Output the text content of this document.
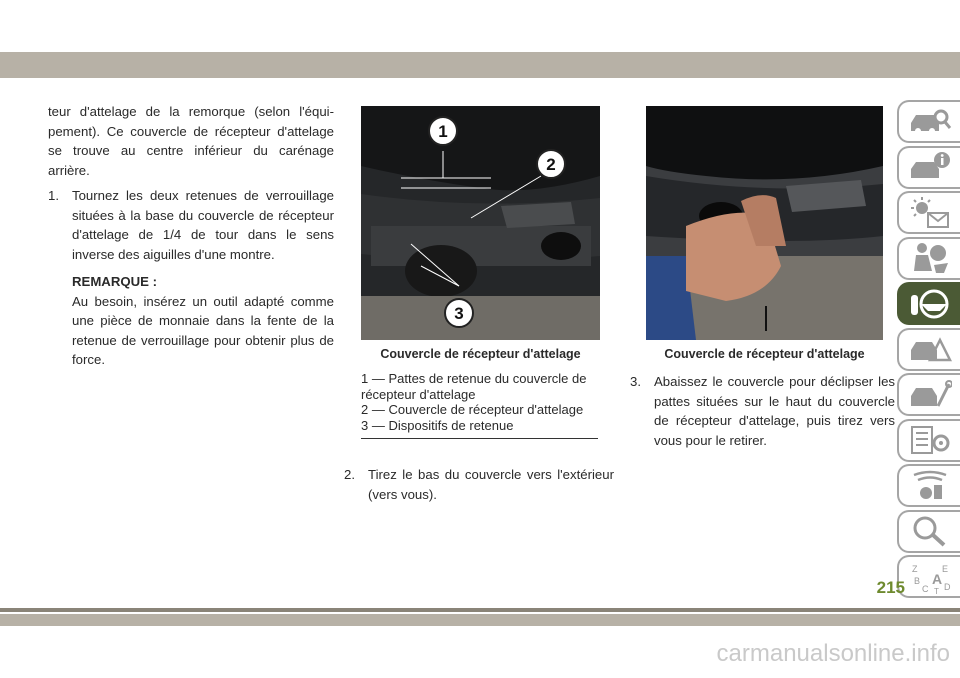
teur d'attelage de la remorque (selon l'équipement). Ce couvercle de récepteur d'attelage se trouve au centre inférieur du carénage arrière.

1. Tournez les deux retenues de verrouillage situées à la base du couvercle de récepteur d'attelage de 1/4 de tour dans le sens inverse des aiguilles d'une montre.
REMARQUE :

Au besoin, insérez un outil adapté comme une pièce de monnaie dans la fente de la retenue de verrouillage pour obtenir plus de force.

1
2
3
Couvercle de récepteur d'attelage
1 — Pattes de retenue du couvercle de récepteur d'attelage
2 — Couvercle de récepteur d'attelage
3 — Dispositifs de retenue
2. Tirez le bas du couvercle vers l'extérieur (vers vous).
Couvercle de récepteur d'attelage
3. Abaissez le couvercle pour déclipser les pattes situées sur le haut du couvercle de récepteur d'attelage, puis tirez vers vous pour le retirer.
Z	E
B A
C D
T
215
carmanualsonline.info
